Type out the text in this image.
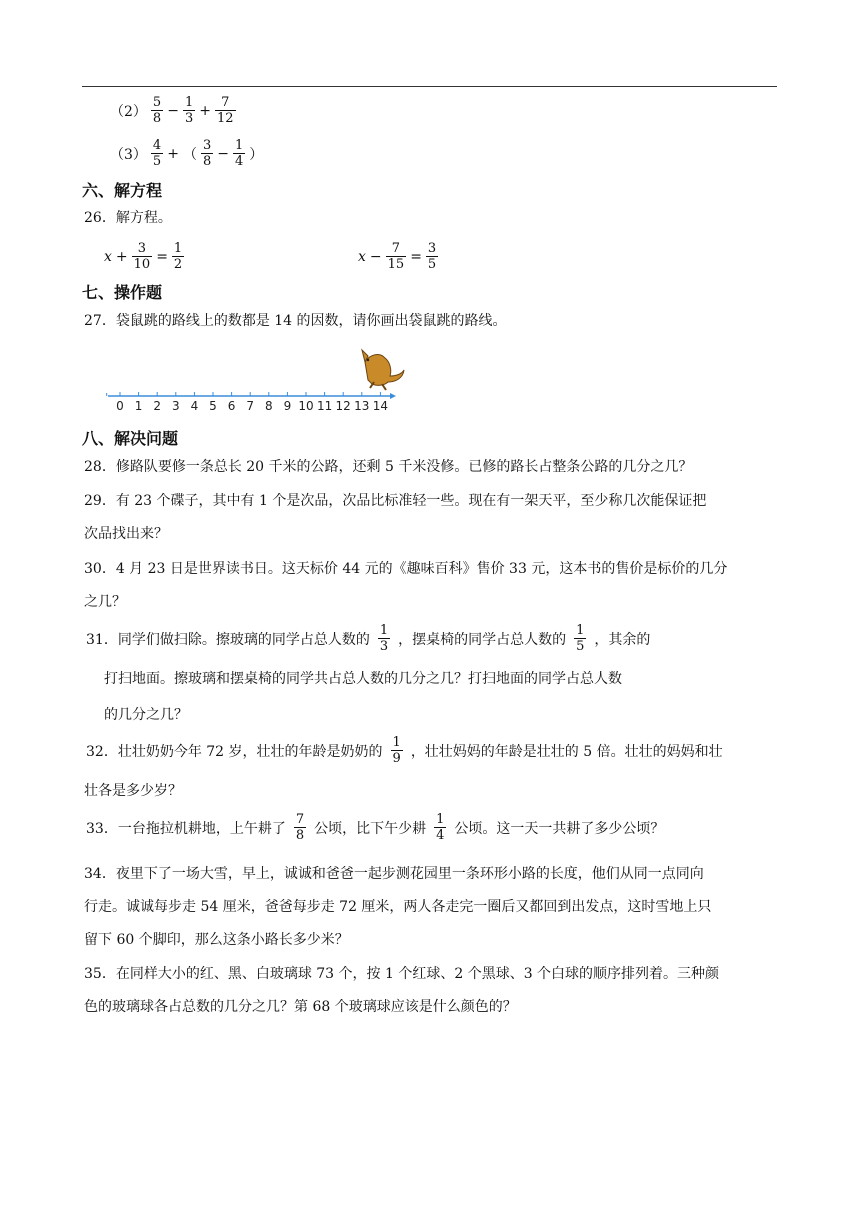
$(2) \frac{5}{8} - \frac{1}{3} + \frac{7}{12}$
$(3) \frac{4}{5}$ + （ $\frac{3}{8} - \frac{1}{4}$ ）
六、解方程
26．解方程。
$x + \frac{3}{10} = \frac{1}{2}$	$x - \frac{7}{15} = \frac{3}{5}$
七、操作题
27．袋鼠跳的路线上的数都是 14 的因数，请你画出袋鼠跳的路线。
0 1 2 3 4 5 6 7 8 9 10 11 12 13 14
八、解决问题
28．修路队要修一条总长 20 千米的公路，还剩 5 千米没修。已修的路长占整条公路的几分之几？
29．有 23 个碟子，其中有 1 个是次品，次品比标准轻一些。现在有一架天平，至少称几次能保证把
次品找出来？
30．4 月 23 日是世界读书日。这天标价 44 元的《趣味百科》售价 33 元，这本书的售价是标价的几分
之几？
31．同学们做扫除。擦玻璃的同学占总人数的 $\frac{1}{3}$ ，摆桌椅的同学占总人数的 $\frac{1}{5}$ ，其余的
打扫地面。擦玻璃和摆桌椅的同学共占总人数的几分之几？打扫地面的同学占总人数
的几分之几？
32．壮壮奶奶今年 72 岁，壮壮的年龄是奶奶的 $\frac{1}{9}$ ，壮壮妈妈的年龄是壮壮的 5 倍。壮壮的妈妈和壮
壮各是多少岁？
33．一台拖拉机耕地，上午耕了 $\frac{7}{8}$ 公顷，比下午少耕 $\frac{1}{4}$ 公顷。这一天一共耕了多少公顷？
34．夜里下了一场大雪，早上，诚诚和爸爸一起步测花园里一条环形小路的长度，他们从同一点同向
行走。诚诚每步走 54 厘米，爸爸每步走 72 厘米，两人各走完一圈后又都回到出发点，这时雪地上只
留下 60 个脚印，那么这条小路长多少米？
35．在同样大小的红、黑、白玻璃球 73 个，按 1 个红球、2 个黑球、3 个白球的顺序排列着。三种颜
色的玻璃球各占总数的几分之几？第 68 个玻璃球应该是什么颜色的？
